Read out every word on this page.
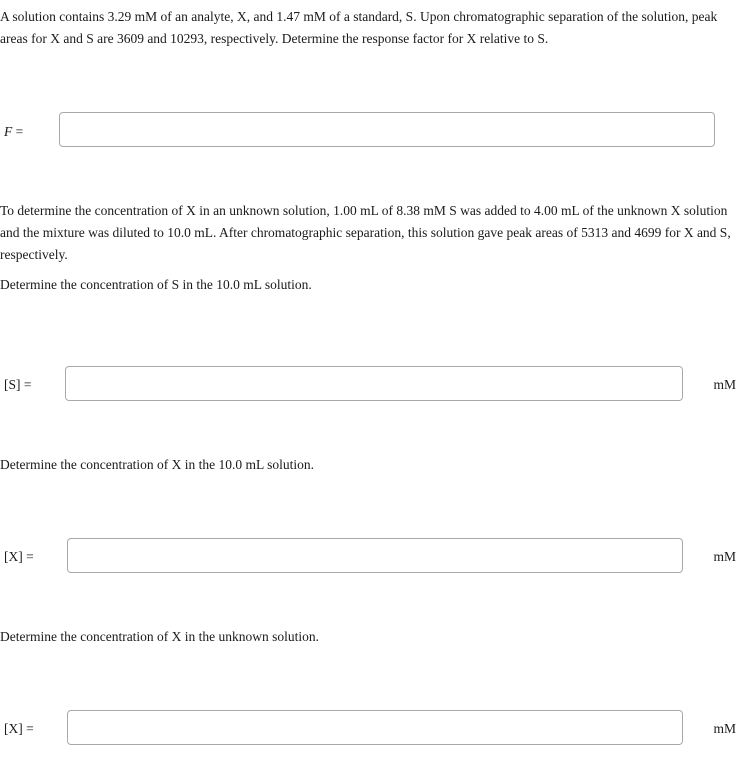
A solution contains 3.29 mM of an analyte, X, and 1.47 mM of a standard, S. Upon chromatographic separation of the solution, peak areas for X and S are 3609 and 10293, respectively. Determine the response factor for X relative to S.

F =

To determine the concentration of X in an unknown solution, 1.00 mL of 8.38 mM S was added to 4.00 mL of the unknown X solution and the mixture was diluted to 10.0 mL. After chromatographic separation, this solution gave peak areas of 5313 and 4699 for X and S, respectively.

Determine the concentration of S in the 10.0 mL solution.

[S] =	mM

Determine the concentration of X in the 10.0 mL solution.

[X] =	mM

Determine the concentration of X in the unknown solution.

[X] =	mM
